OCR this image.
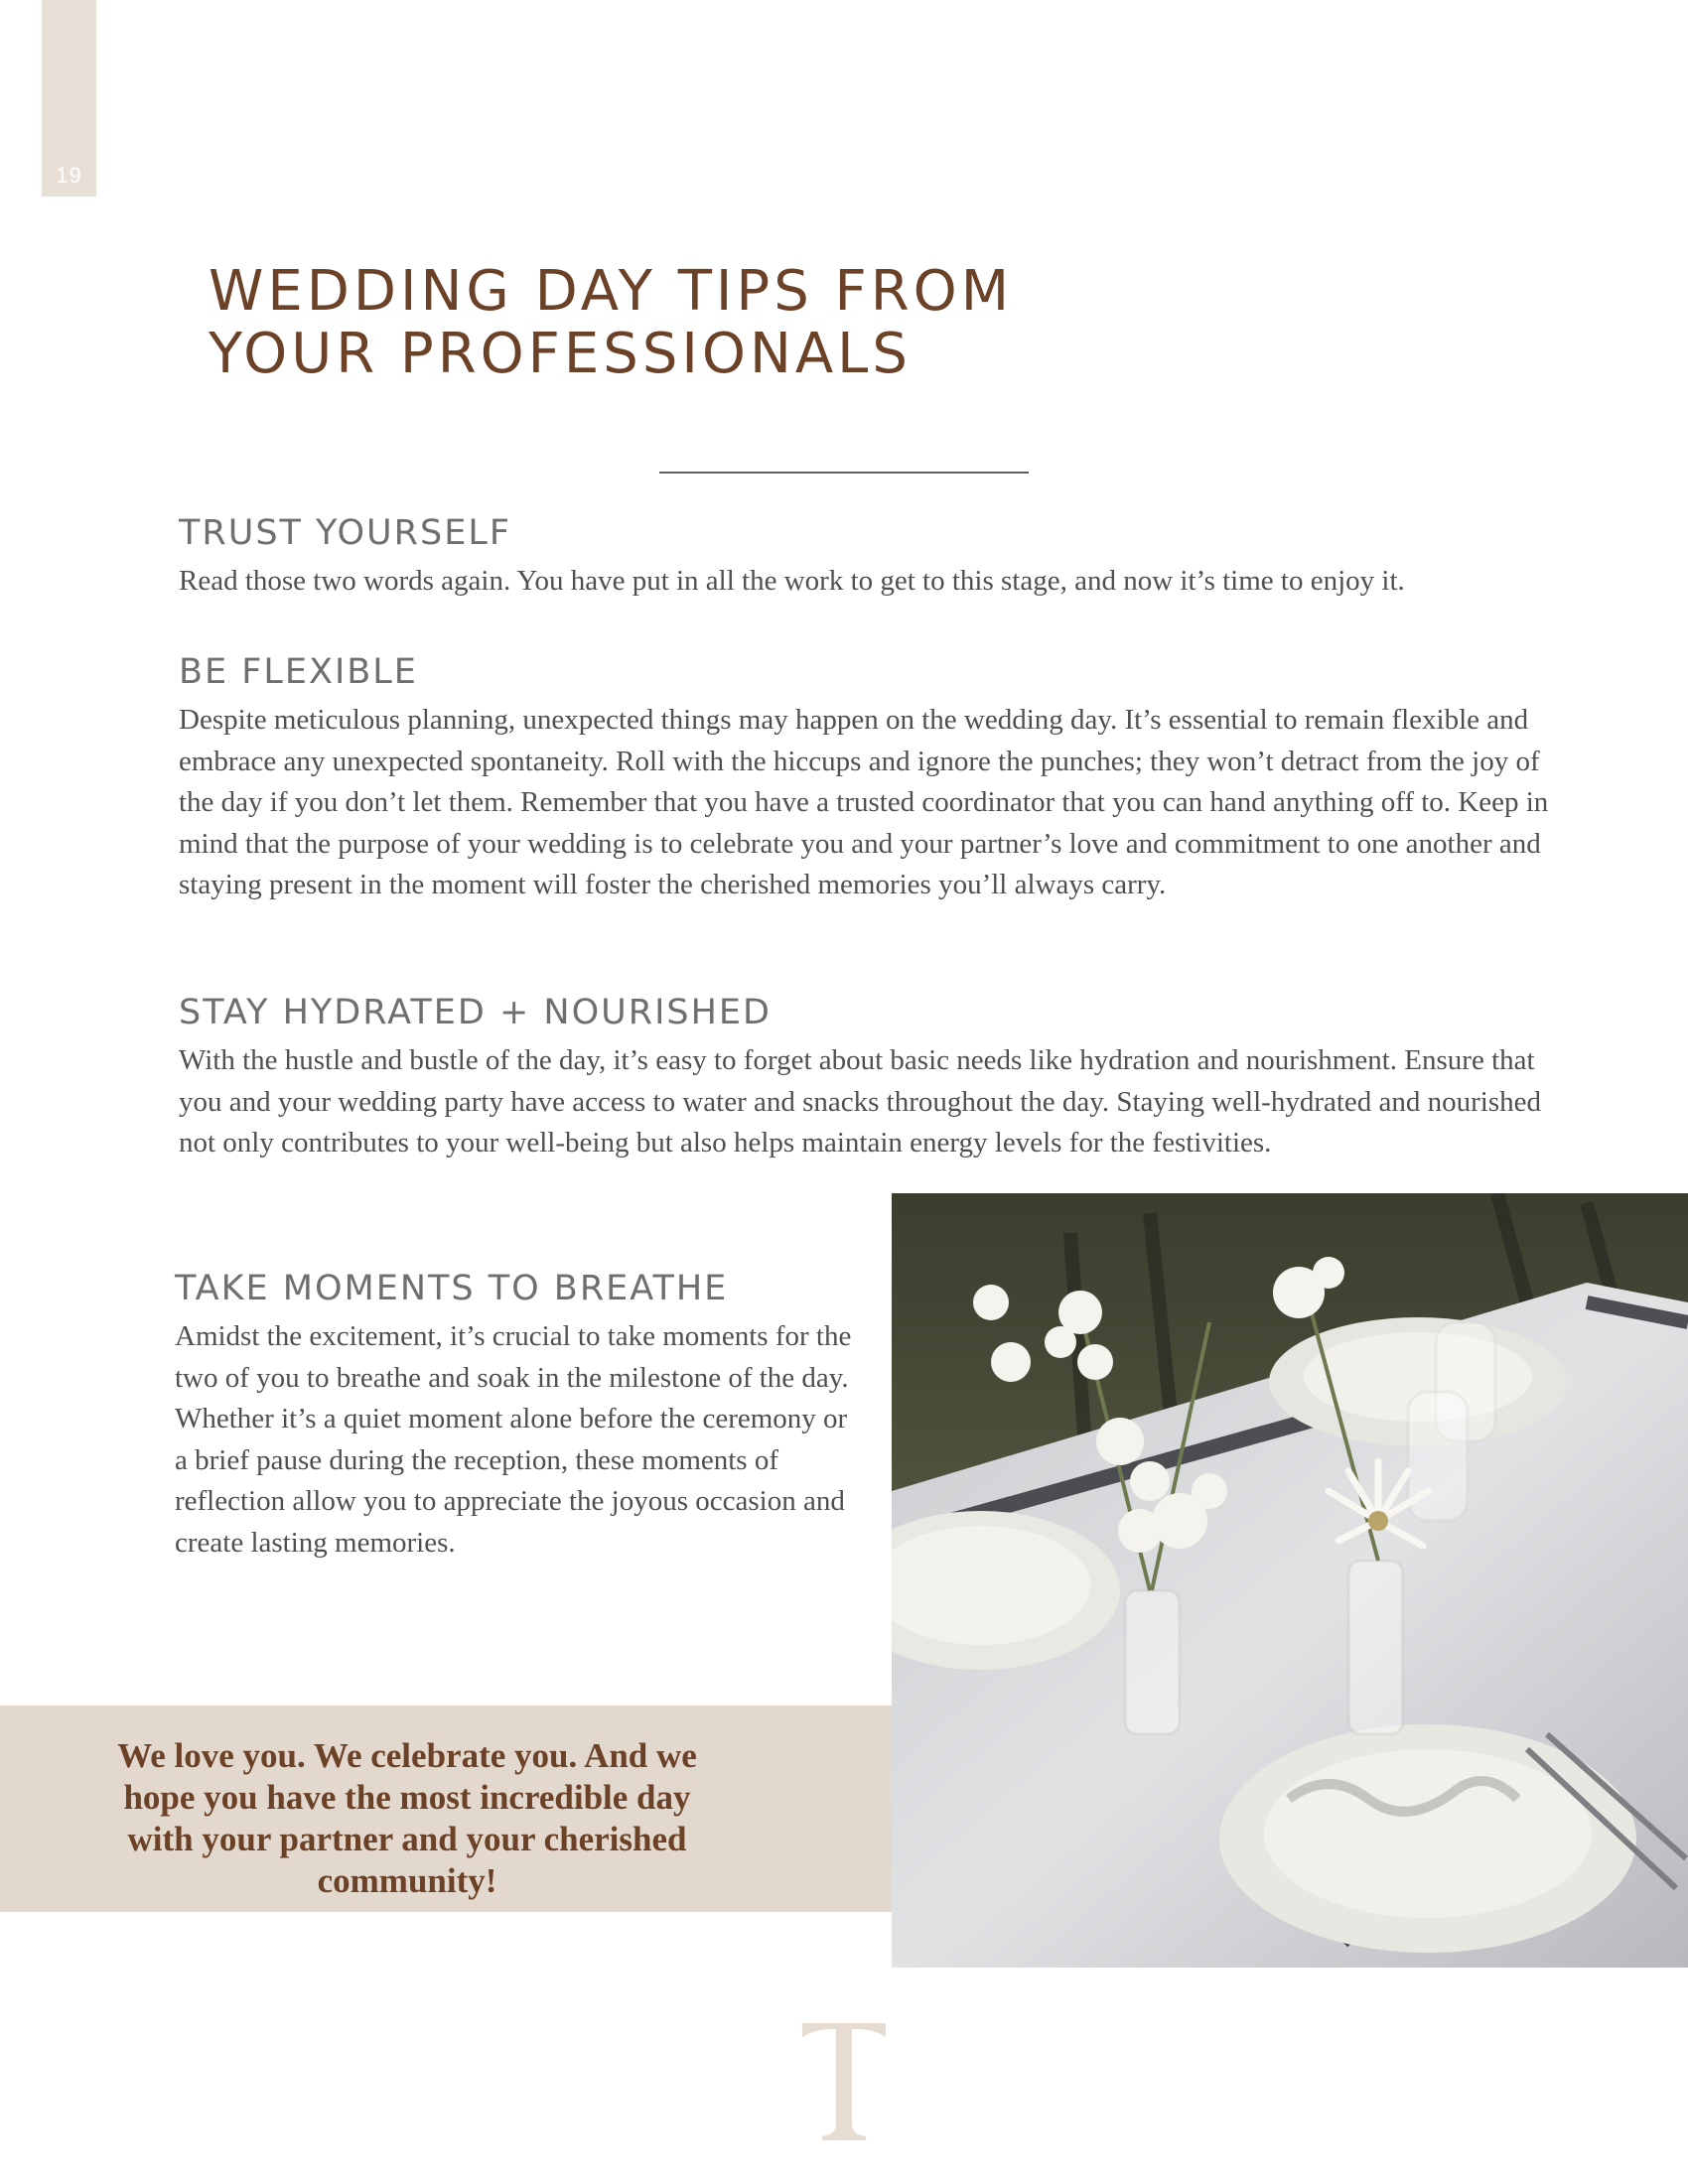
19
WEDDING DAY TIPS FROM
YOUR PROFESSIONALS
TRUST YOURSELF

Read those two words again. You have put in all the work to get to this stage, and now it’s time to enjoy it.

BE FLEXIBLE

Despite meticulous planning, unexpected things may happen on the wedding day. It’s essential to remain flexible and embrace any unexpected spontaneity. Roll with the hiccups and ignore the punches; they won’t detract from the joy of the day if you don’t let them. Remember that you have a trusted coordinator that you can hand anything off to. Keep in mind that the purpose of your wedding is to celebrate you and your partner’s love and commitment to one another and staying present in the moment will foster the cherished memories you’ll always carry.

STAY HYDRATED + NOURISHED

With the hustle and bustle of the day, it’s easy to forget about basic needs like hydration and nourishment. Ensure that you and your wedding party have access to water and snacks throughout the day. Staying well-hydrated and nourished not only contributes to your well-being but also helps maintain energy levels for the festivities.

TAKE MOMENTS TO BREATHE

Amidst the excitement, it’s crucial to take moments for the two of you to breathe and soak in the milestone of the day. Whether it’s a quiet moment alone before the ceremony or a brief pause during the reception, these moments of reflection allow you to appreciate the joyous occasion and create lasting memories.

We love you. We celebrate you. And we hope you have the most incredible day with your partner and your cherished community!
